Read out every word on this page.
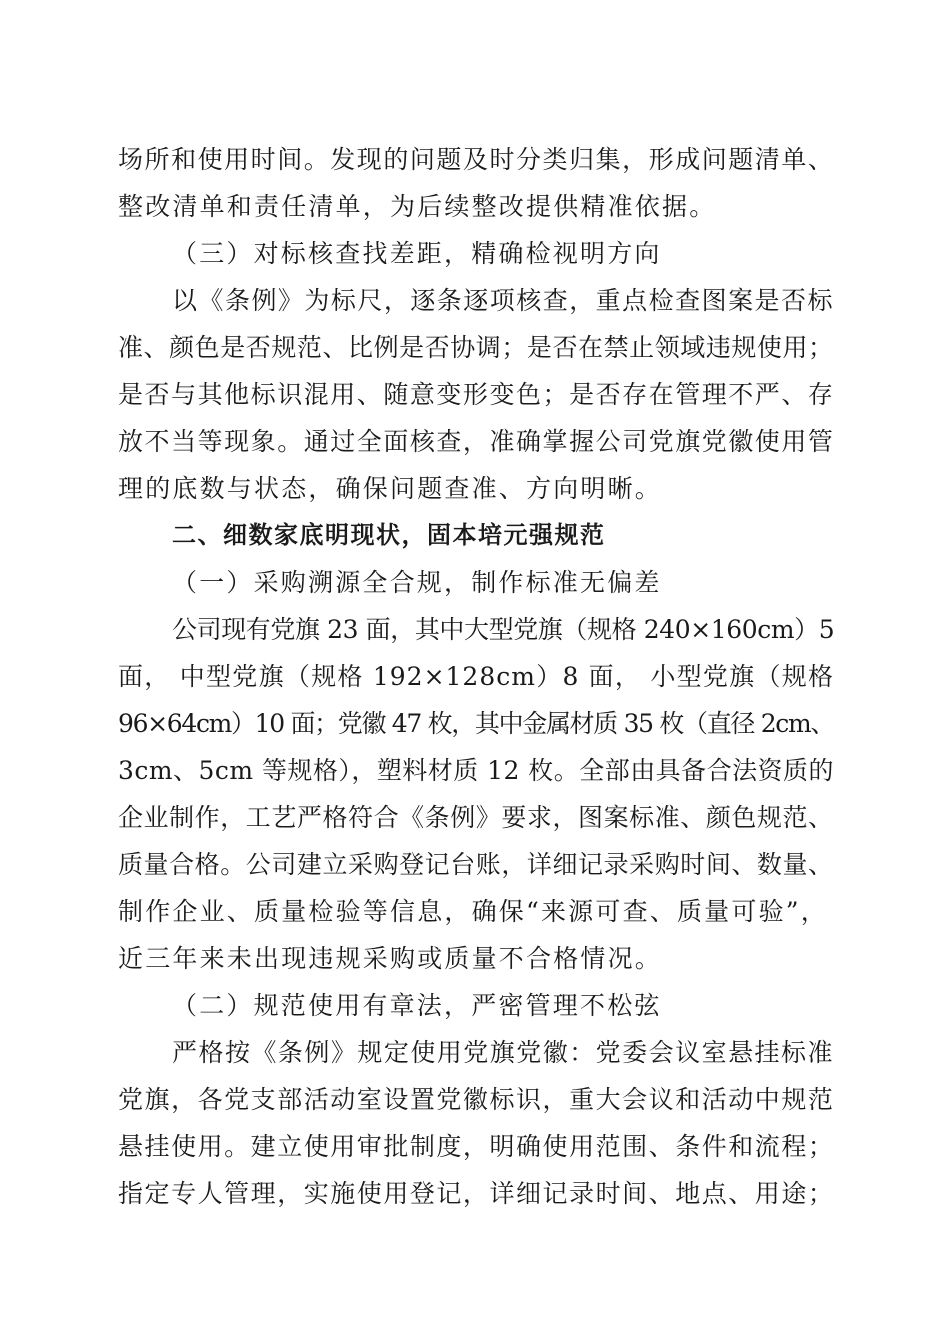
场所和使用时间。发现的问题及时分类归集，形成问题清单、
整改清单和责任清单，为后续整改提供精准依据。
（三）对标核查找差距，精确检视明方向
以《条例》为标尺，逐条逐项核查，重点检查图案是否标
准、颜色是否规范、比例是否协调；是否在禁止领域违规使用；
是否与其他标识混用、随意变形变色；是否存在管理不严、存
放不当等现象。通过全面核查，准确掌握公司党旗党徽使用管
理的底数与状态，确保问题查准、方向明晰。
二、细数家底明现状，固本培元强规范
（一）采购溯源全合规，制作标准无偏差
公司现有党旗 23 面，其中大型党旗（规格 240×160cm）5
面， 中型党旗（规格 192×128cm）8 面， 小型党旗（规格
96×64cm）10 面；党徽 47 枚，其中金属材质 35 枚（直径 2cm、
3cm、5cm 等规格），塑料材质 12 枚。全部由具备合法资质的
企业制作，工艺严格符合《条例》要求，图案标准、颜色规范、
质量合格。公司建立采购登记台账，详细记录采购时间、数量、
制作企业、质量检验等信息，确保“来源可查、质量可验”，
近三年来未出现违规采购或质量不合格情况。
（二）规范使用有章法，严密管理不松弦
严格按《条例》规定使用党旗党徽：党委会议室悬挂标准
党旗，各党支部活动室设置党徽标识，重大会议和活动中规范
悬挂使用。建立使用审批制度，明确使用范围、条件和流程；
指定专人管理，实施使用登记，详细记录时间、地点、用途；
